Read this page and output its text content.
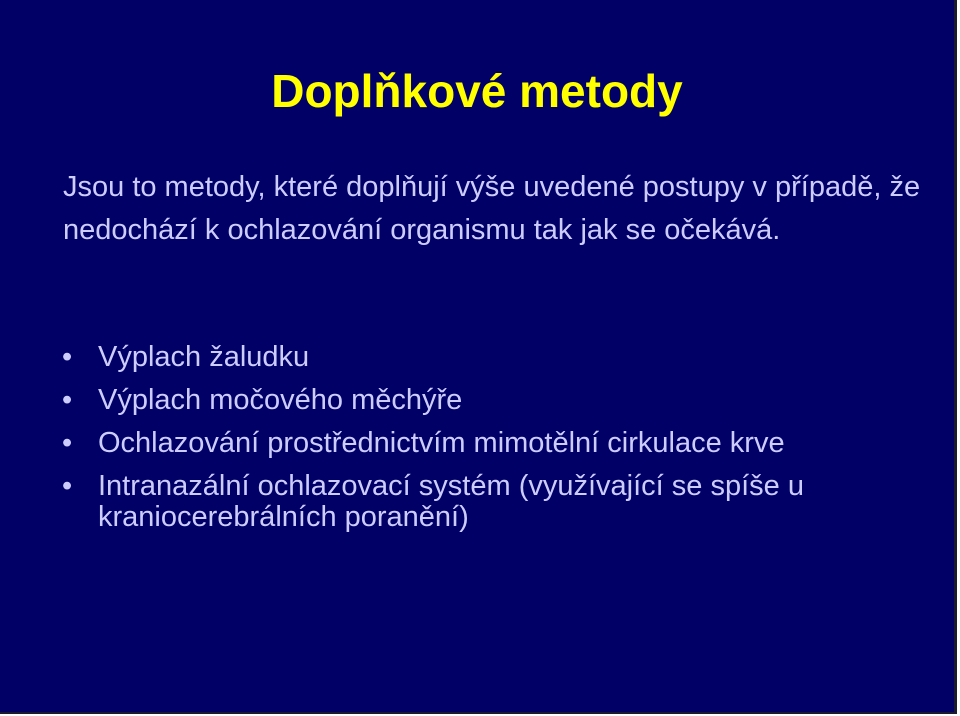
Doplňkové metody

Jsou to metody, které doplňují výše uvedené postupy v případě, že nedochází k ochlazování organismu tak jak se očekává.

• Výplach žaludku
• Výplach močového měchýře
• Ochlazování prostřednictvím mimotělní cirkulace krve
• Intranazální ochlazovací systém (využívající se spíše u kraniocerebrálních poranění)
